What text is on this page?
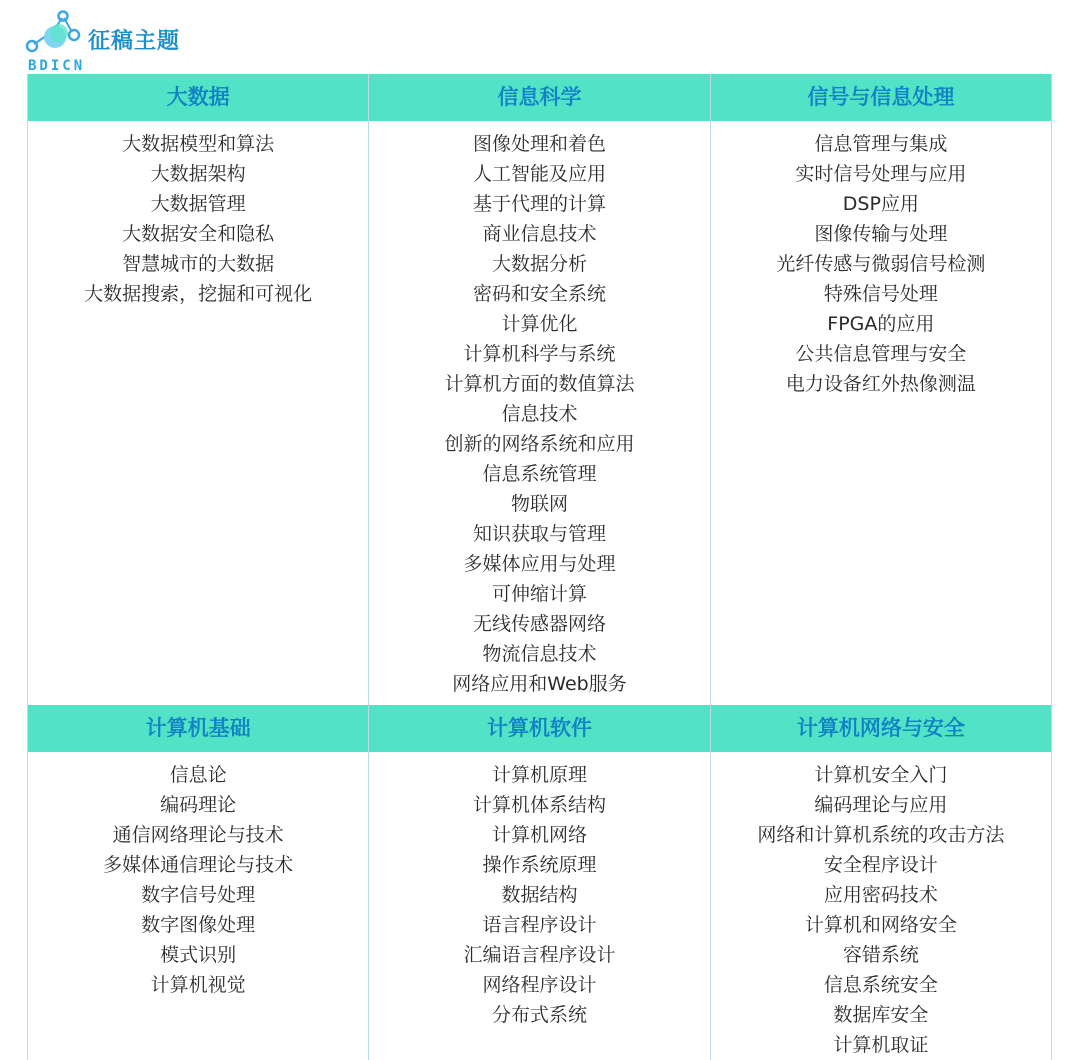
征稿主题
BDICN
大数据
大数据模型和算法
大数据架构
大数据管理
大数据安全和隐私
智慧城市的大数据
大数据搜索，挖掘和可视化
信息科学
图像处理和着色
人工智能及应用
基于代理的计算
商业信息技术
大数据分析
密码和安全系统
计算优化
计算机科学与系统
计算机方面的数值算法
信息技术
创新的网络系统和应用
信息系统管理
物联网
知识获取与管理
多媒体应用与处理
可伸缩计算
无线传感器网络
物流信息技术
网络应用和Web服务
信号与信息处理
信息管理与集成
实时信号处理与应用
DSP应用
图像传输与处理
光纤传感与微弱信号检测
特殊信号处理
FPGA的应用
公共信息管理与安全
电力设备红外热像测温
计算机基础
信息论
编码理论
通信网络理论与技术
多媒体通信理论与技术
数字信号处理
数字图像处理
模式识别
计算机视觉
计算机软件
计算机原理
计算机体系结构
计算机网络
操作系统原理
数据结构
语言程序设计
汇编语言程序设计
网络程序设计
分布式系统
计算机网络与安全
计算机安全入门
编码理论与应用
网络和计算机系统的攻击方法
安全程序设计
应用密码技术
计算机和网络安全
容错系统
信息系统安全
数据库安全
计算机取证
